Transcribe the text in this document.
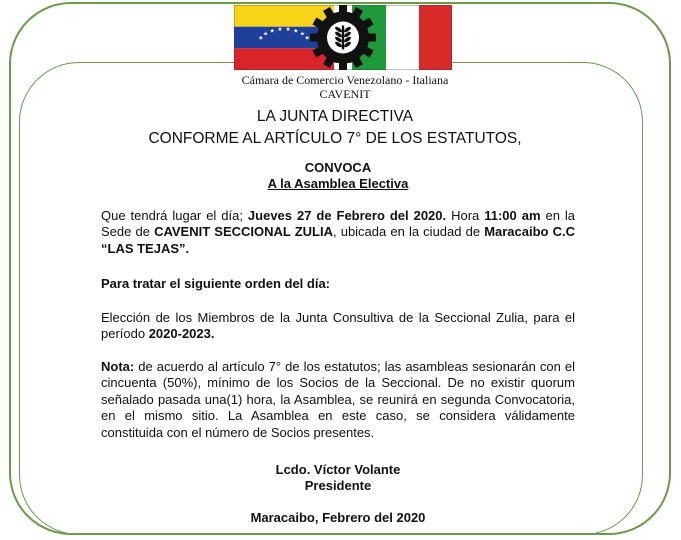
Cámara de Comercio Venezolano - Italiana
CAVENIT
LA JUNTA DIRECTIVA
CONFORME AL ARTÍCULO 7° DE LOS ESTATUTOS,
CONVOCA
A la Asamblea Electiva

Que tendrá lugar el día; Jueves 27 de Febrero del 2020. Hora 11:00 am en la Sede de CAVENIT SECCIONAL ZULIA, ubicada en la ciudad de Maracaibo C.C “LAS TEJAS”.

Para tratar el siguiente orden del día:

Elección de los Miembros de la Junta Consultiva de la Seccional Zulia, para el período 2020-2023.

Nota: de acuerdo al artículo 7° de los estatutos; las asambleas sesionarán con el cincuenta (50%), mínimo de los Socios de la Seccional. De no existir quorum señalado pasada una(1) hora, la Asamblea, se reunirá en segunda Convocatoria, en el mismo sitio. La Asamblea en este caso, se considera válidamente constituida con el número de Socios presentes.

Lcdo. Víctor Volante
Presidente
Maracaibo, Febrero del 2020
